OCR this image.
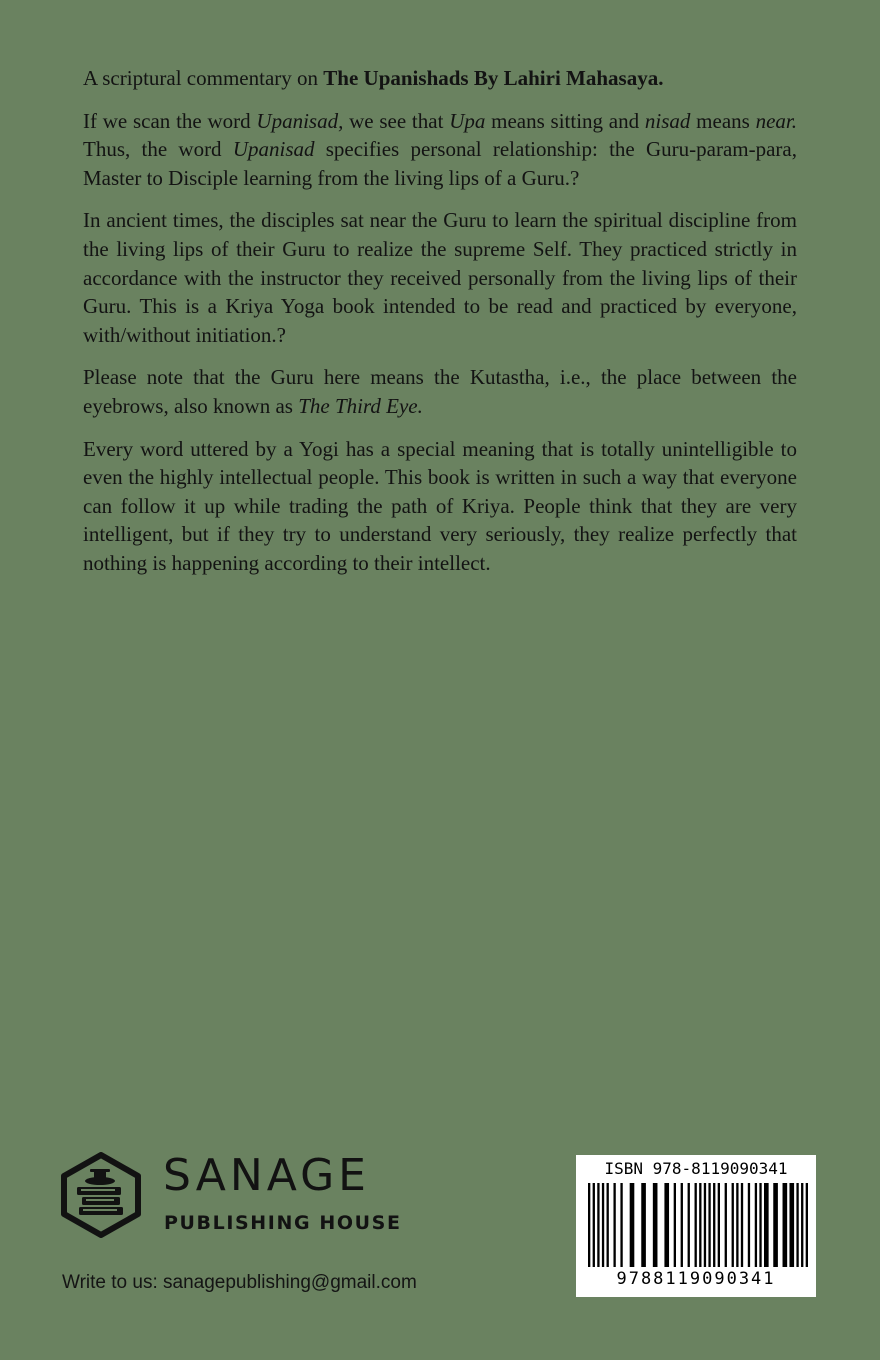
A scriptural commentary on The Upanishads By Lahiri Mahasaya.

If we scan the word Upanisad, we see that Upa means sitting and nisad means near. Thus, the word Upanisad specifies personal relationship: the Guru-param-para, Master to Disciple learning from the living lips of a Guru.?

In ancient times, the disciples sat near the Guru to learn the spiritual discipline from the living lips of their Guru to realize the supreme Self. They practiced strictly in accordance with the instructor they received personally from the living lips of their Guru. This is a Kriya Yoga book intended to be read and practiced by everyone, with/without initiation.?

Please note that the Guru here means the Kutastha, i.e., the place between the eyebrows, also known as The Third Eye.

Every word uttered by a Yogi has a special meaning that is totally unintelligible to even the highly intellectual people. This book is written in such a way that everyone can follow it up while trading the path of Kriya. People think that they are very intelligent, but if they try to understand very seriously, they realize perfectly that nothing is happening according to their intellect.

SANAGE
PUBLISHING HOUSE
Write to us: sanagepublishing@gmail.com
ISBN 978-8119090341
9788119090341
